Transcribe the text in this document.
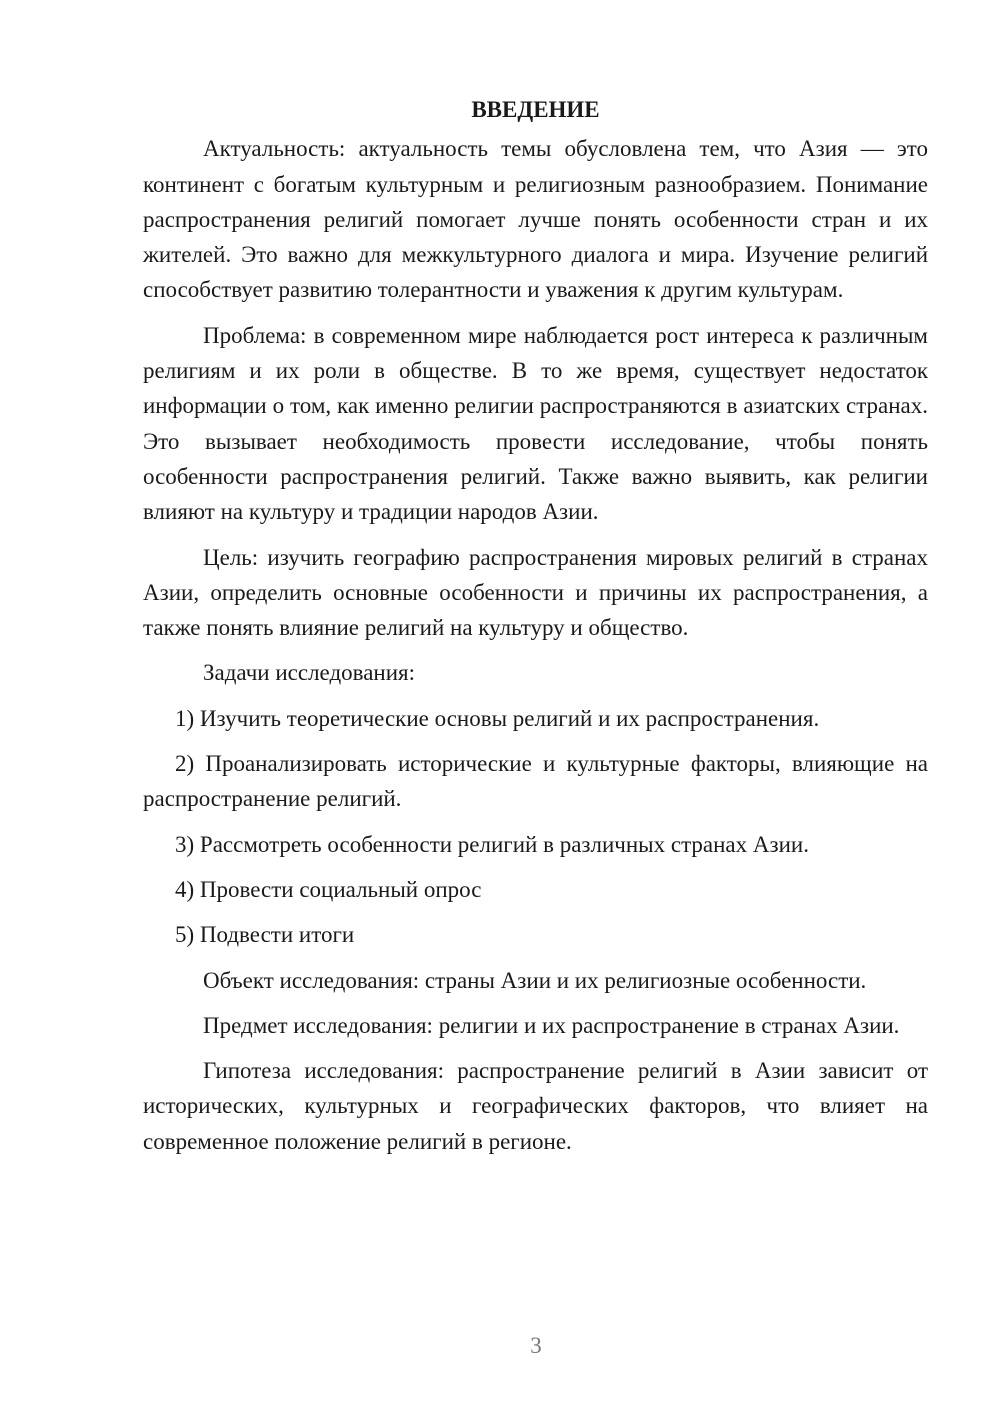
ВВЕДЕНИЕ

Актуальность: актуальность темы обусловлена тем, что Азия — это континент с богатым культурным и религиозным разнообразием. Понимание распространения религий помогает лучше понять особенности стран и их жителей. Это важно для межкультурного диалога и мира. Изучение религий способствует развитию толерантности и уважения к другим культурам.

Проблема: в современном мире наблюдается рост интереса к различным религиям и их роли в обществе. В то же время, существует недостаток информации о том, как именно религии распространяются в азиатских странах. Это вызывает необходимость провести исследование, чтобы понять особенности распространения религий. Также важно выявить, как религии влияют на культуру и традиции народов Азии.

Цель: изучить географию распространения мировых религий в странах Азии, определить основные особенности и причины их распространения, а также понять влияние религий на культуру и общество.

Задачи исследования:

1) Изучить теоретические основы религий и их распространения.

2) Проанализировать исторические и культурные факторы, влияющие на распространение религий.

3) Рассмотреть особенности религий в различных странах Азии.

4) Провести социальный опрос

5) Подвести итоги

Объект исследования: страны Азии и их религиозные особенности.

Предмет исследования: религии и их распространение в странах Азии.

Гипотеза исследования: распространение религий в Азии зависит от исторических, культурных и географических факторов, что влияет на современное положение религий в регионе.

3
